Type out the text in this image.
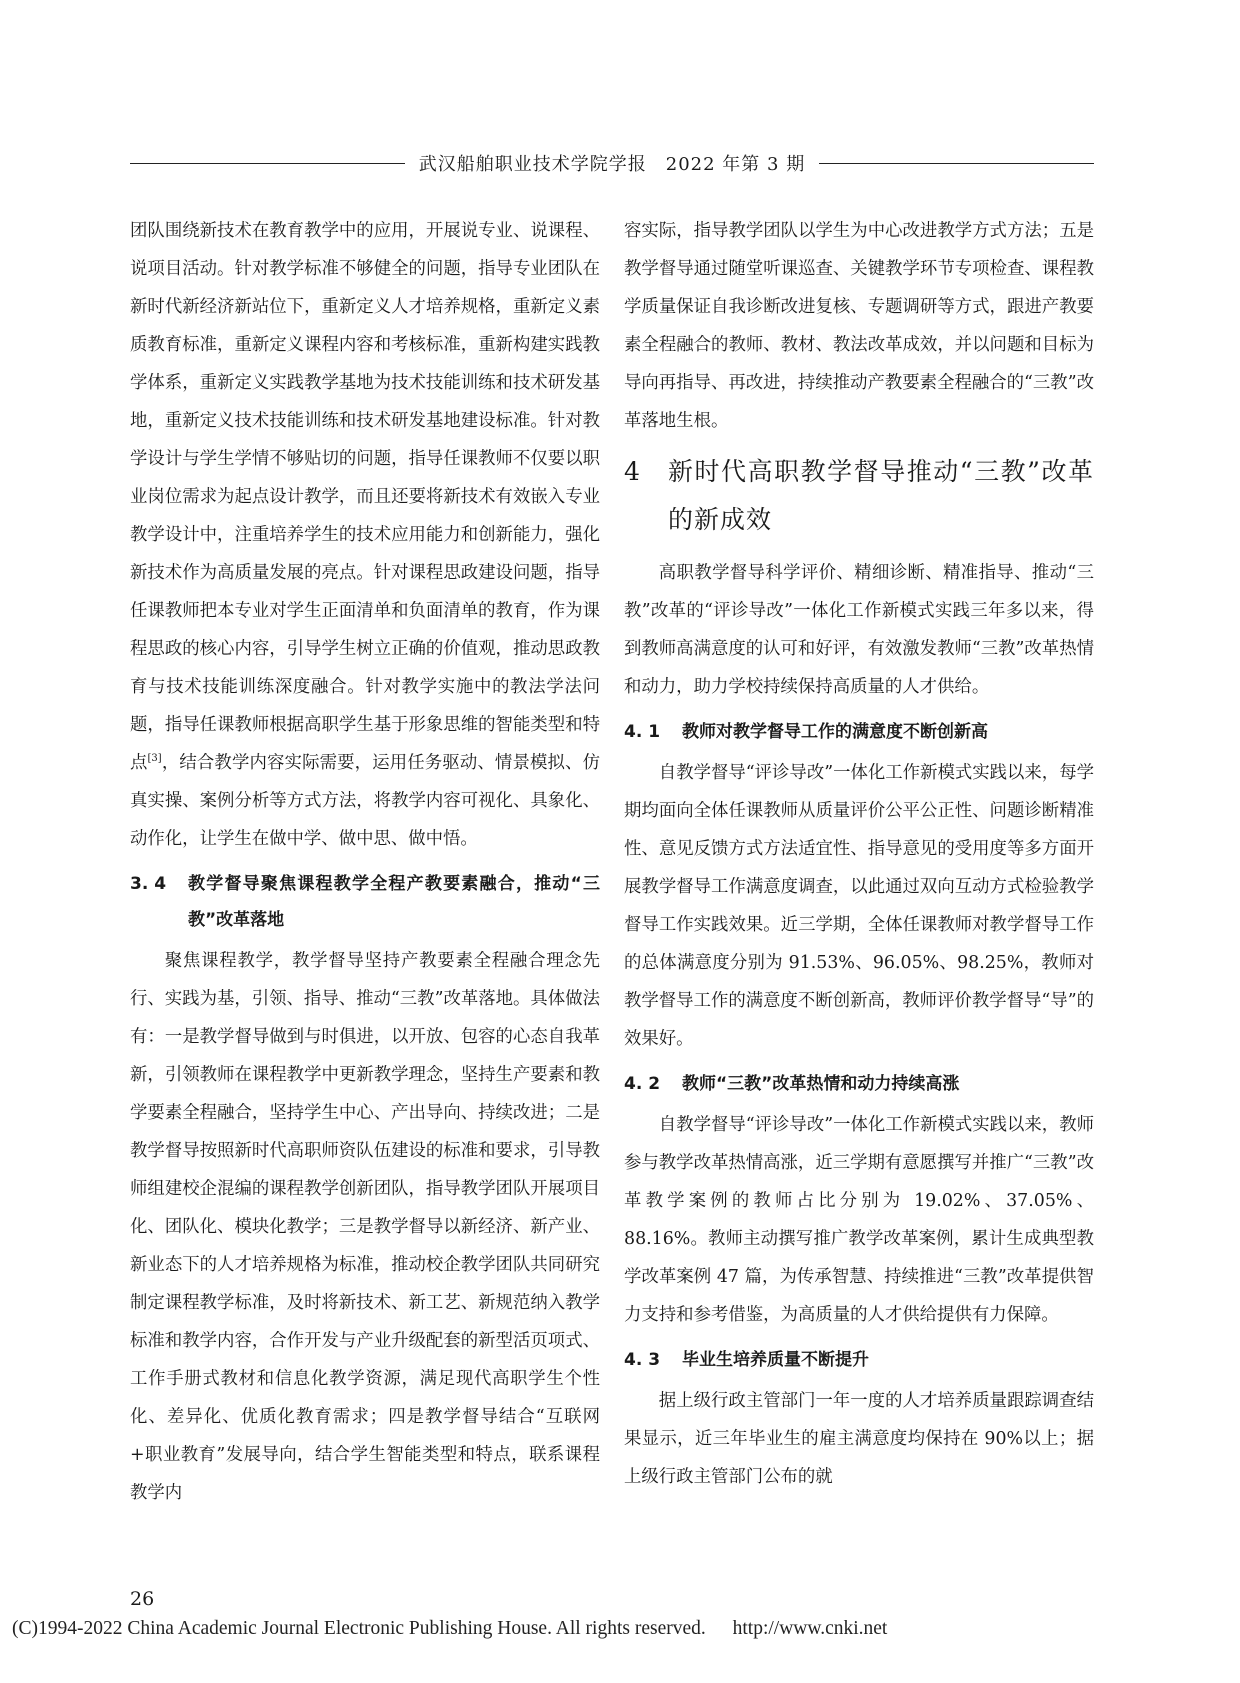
武汉船舶职业技术学院学报　2022 年第 3 期

团队围绕新技术在教育教学中的应用，开展说专业、说课程、说项目活动。针对教学标准不够健全的问题，指导专业团队在新时代新经济新站位下，重新定义人才培养规格，重新定义素质教育标准，重新定义课程内容和考核标准，重新构建实践教学体系，重新定义实践教学基地为技术技能训练和技术研发基地，重新定义技术技能训练和技术研发基地建设标准。针对教学设计与学生学情不够贴切的问题，指导任课教师不仅要以职业岗位需求为起点设计教学，而且还要将新技术有效嵌入专业教学设计中，注重培养学生的技术应用能力和创新能力，强化新技术作为高质量发展的亮点。针对课程思政建设问题，指导任课教师把本专业对学生正面清单和负面清单的教育，作为课程思政的核心内容，引导学生树立正确的价值观，推动思政教育与技术技能训练深度融合。针对教学实施中的教法学法问题，指导任课教师根据高职学生基于形象思维的智能类型和特点[3]，结合教学内容实际需要，运用任务驱动、情景模拟、仿真实操、案例分析等方式方法，将教学内容可视化、具象化、动作化，让学生在做中学、做中思、做中悟。

3. 4	教学督导聚焦课程教学全程产教要素融合，推动“三教”改革落地

聚焦课程教学，教学督导坚持产教要素全程融合理念先行、实践为基，引领、指导、推动“三教”改革落地。具体做法有：一是教学督导做到与时俱进，以开放、包容的心态自我革新，引领教师在课程教学中更新教学理念，坚持生产要素和教学要素全程融合，坚持学生中心、产出导向、持续改进；二是教学督导按照新时代高职师资队伍建设的标准和要求，引导教师组建校企混编的课程教学创新团队，指导教学团队开展项目化、团队化、模块化教学；三是教学督导以新经济、新产业、新业态下的人才培养规格为标准，推动校企教学团队共同研究制定课程教学标准，及时将新技术、新工艺、新规范纳入教学标准和教学内容，合作开发与产业升级配套的新型活页项式、工作手册式教材和信息化教学资源，满足现代高职学生个性化、差异化、优质化教育需求；四是教学督导结合“互联网+职业教育”发展导向，结合学生智能类型和特点，联系课程教学内

容实际，指导教学团队以学生为中心改进教学方式方法；五是教学督导通过随堂听课巡查、关键教学环节专项检查、课程教学质量保证自我诊断改进复核、专题调研等方式，跟进产教要素全程融合的教师、教材、教法改革成效，并以问题和目标为导向再指导、再改进，持续推动产教要素全程融合的“三教”改革落地生根。

4	新时代高职教学督导推动“三教”改革的新成效

高职教学督导科学评价、精细诊断、精准指导、推动“三教”改革的“评诊导改”一体化工作新模式实践三年多以来，得到教师高满意度的认可和好评，有效激发教师“三教”改革热情和动力，助力学校持续保持高质量的人才供给。

4. 1	教师对教学督导工作的满意度不断创新高

自教学督导“评诊导改”一体化工作新模式实践以来，每学期均面向全体任课教师从质量评价公平公正性、问题诊断精准性、意见反馈方式方法适宜性、指导意见的受用度等多方面开展教学督导工作满意度调查，以此通过双向互动方式检验教学督导工作实践效果。近三学期，全体任课教师对教学督导工作的总体满意度分别为 91.53%、96.05%、98.25%，教师对教学督导工作的满意度不断创新高，教师评价教学督导“导”的效果好。

4. 2	教师“三教”改革热情和动力持续高涨

自教学督导“评诊导改”一体化工作新模式实践以来，教师参与教学改革热情高涨，近三学期有意愿撰写并推广“三教”改革教学案例的教师占比分别为 19.02%、37.05%、88.16%。教师主动撰写推广教学改革案例，累计生成典型教学改革案例 47 篇，为传承智慧、持续推进“三教”改革提供智力支持和参考借鉴，为高质量的人才供给提供有力保障。

4. 3	毕业生培养质量不断提升

据上级行政主管部门一年一度的人才培养质量跟踪调查结果显示，近三年毕业生的雇主满意度均保持在 90%以上；据上级行政主管部门公布的就

26
(C)1994-2022 China Academic Journal Electronic Publishing House. All rights reserved. http://www.cnki.net
